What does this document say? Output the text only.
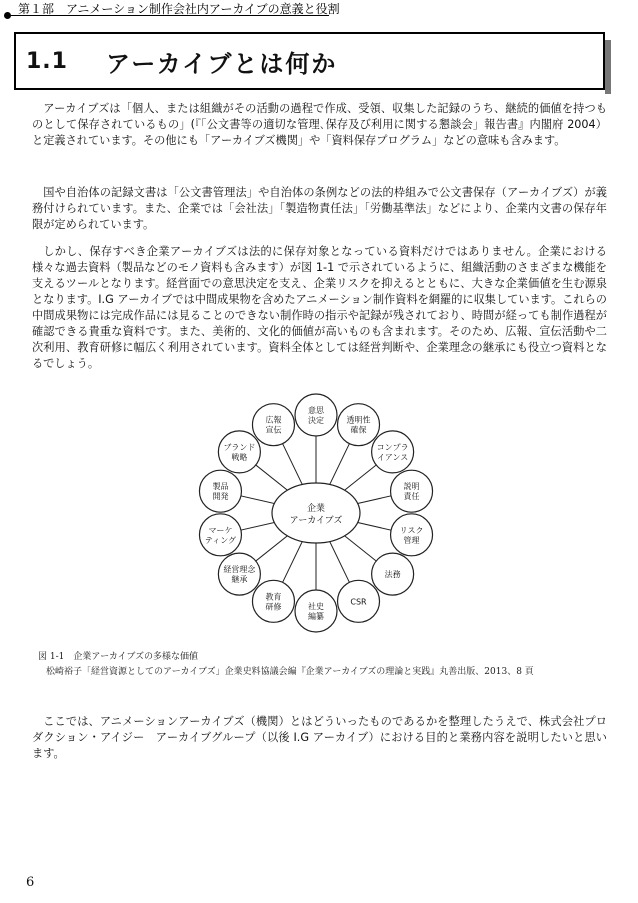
第１部　アニメーション制作会社内アーカイブの意義と役割
1.1	アーカイブとは何か

アーカイブズは「個人、または組織がその活動の過程で作成、受領、収集した記録のうち、継続的価値を持つものとして保存されているもの」(『「公文書等の適切な管理､保存及び利用に関する懇談会」報告書』内閣府 2004）と定義されています。その他にも「アーカイブズ機関」や「資料保存プログラム」などの意味も含みます。

国や自治体の記録文書は「公文書管理法」や自治体の条例などの法的枠組みで公文書保存（アーカイブズ）が義務付けられています。また、企業では「会社法」「製造物責任法」「労働基準法」などにより、企業内文書の保存年限が定められています。

しかし、保存すべき企業アーカイブズは法的に保存対象となっている資料だけではありません。企業における様々な過去資料（製品などのモノ資料も含みます）が図 1-1 で示されているように、組織活動のさまざまな機能を支えるツールとなります。経営面での意思決定を支え、企業リスクを抑えるとともに、大きな企業価値を生む源泉となります。I.G アーカイブでは中間成果物を含めたアニメーション制作資料を網羅的に収集しています。これらの中間成果物には完成作品には見ることのできない制作時の指示や記録が残されており、時間が経っても制作過程が確認できる貴重な資料です。また、美術的、文化的価値が高いものも含まれます。そのため、広報、宣伝活動や二次利用、教育研修に幅広く利用されています。資料全体としては経営判断や、企業理念の継承にも役立つ資料となるでしょう。

企業
アーカイブズ
意思
決定	透明性
確保
コンプラ
イアンス
説明
責任
リスク
管理
法務
CSR
社史
編纂
教育
研修
経営理念
継承
マーケ
ティング
製品
開発
ブランド
戦略
広報
宣伝
図 1-1　企業アーカイブズの多様な価値
松崎裕子「経営資源としてのアーカイブズ」企業史料協議会編『企業アーカイブズの理論と実践』丸善出版、2013、8 頁

ここでは、アニメーションアーカイブズ（機関）とはどういったものであるかを整理したうえで、株式会社プロダクション・アイジー　アーカイブグループ（以後 I.G アーカイブ）における目的と業務内容を説明したいと思います。

6
